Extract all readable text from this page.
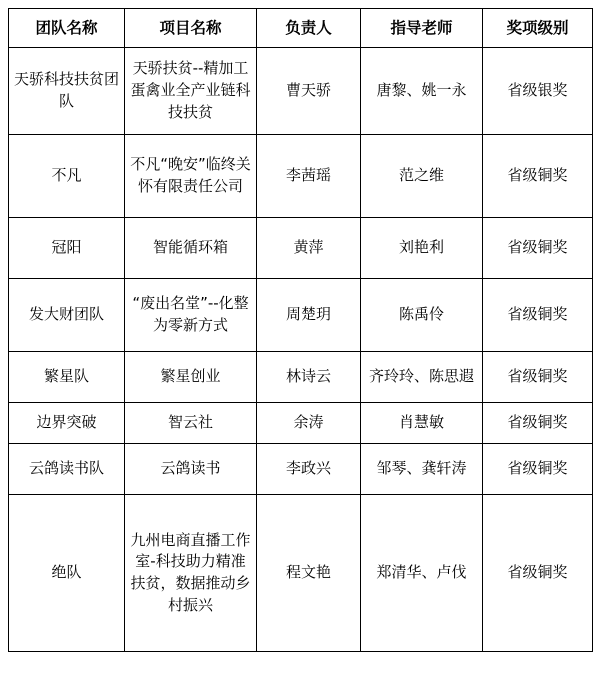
团队名称	项目名称	负责人	指导老师	奖项级别
天骄科技扶贫团队	天骄扶贫--精加工蛋禽业全产业链科技扶贫	曹天骄	唐黎、姚一永	省级银奖
不凡	不凡“晚安”临终关怀有限责任公司	李茜瑶	范之维	省级铜奖
冠阳	智能循环箱	黄萍	刘艳利	省级铜奖
发大财团队	“废出名堂”--化整为零新方式	周楚玥	陈禹伶	省级铜奖
繁星队	繁星创业	林诗云	齐玲玲、陈思遐	省级铜奖
边界突破	智云社	余涛	肖慧敏	省级铜奖
云鸽读书队	云鸽读书	李政兴	邹琴、龚轩涛	省级铜奖
绝队	九州电商直播工作室-科技助力精准扶贫，数据推动乡村振兴	程文艳	郑清华、卢伐	省级铜奖
